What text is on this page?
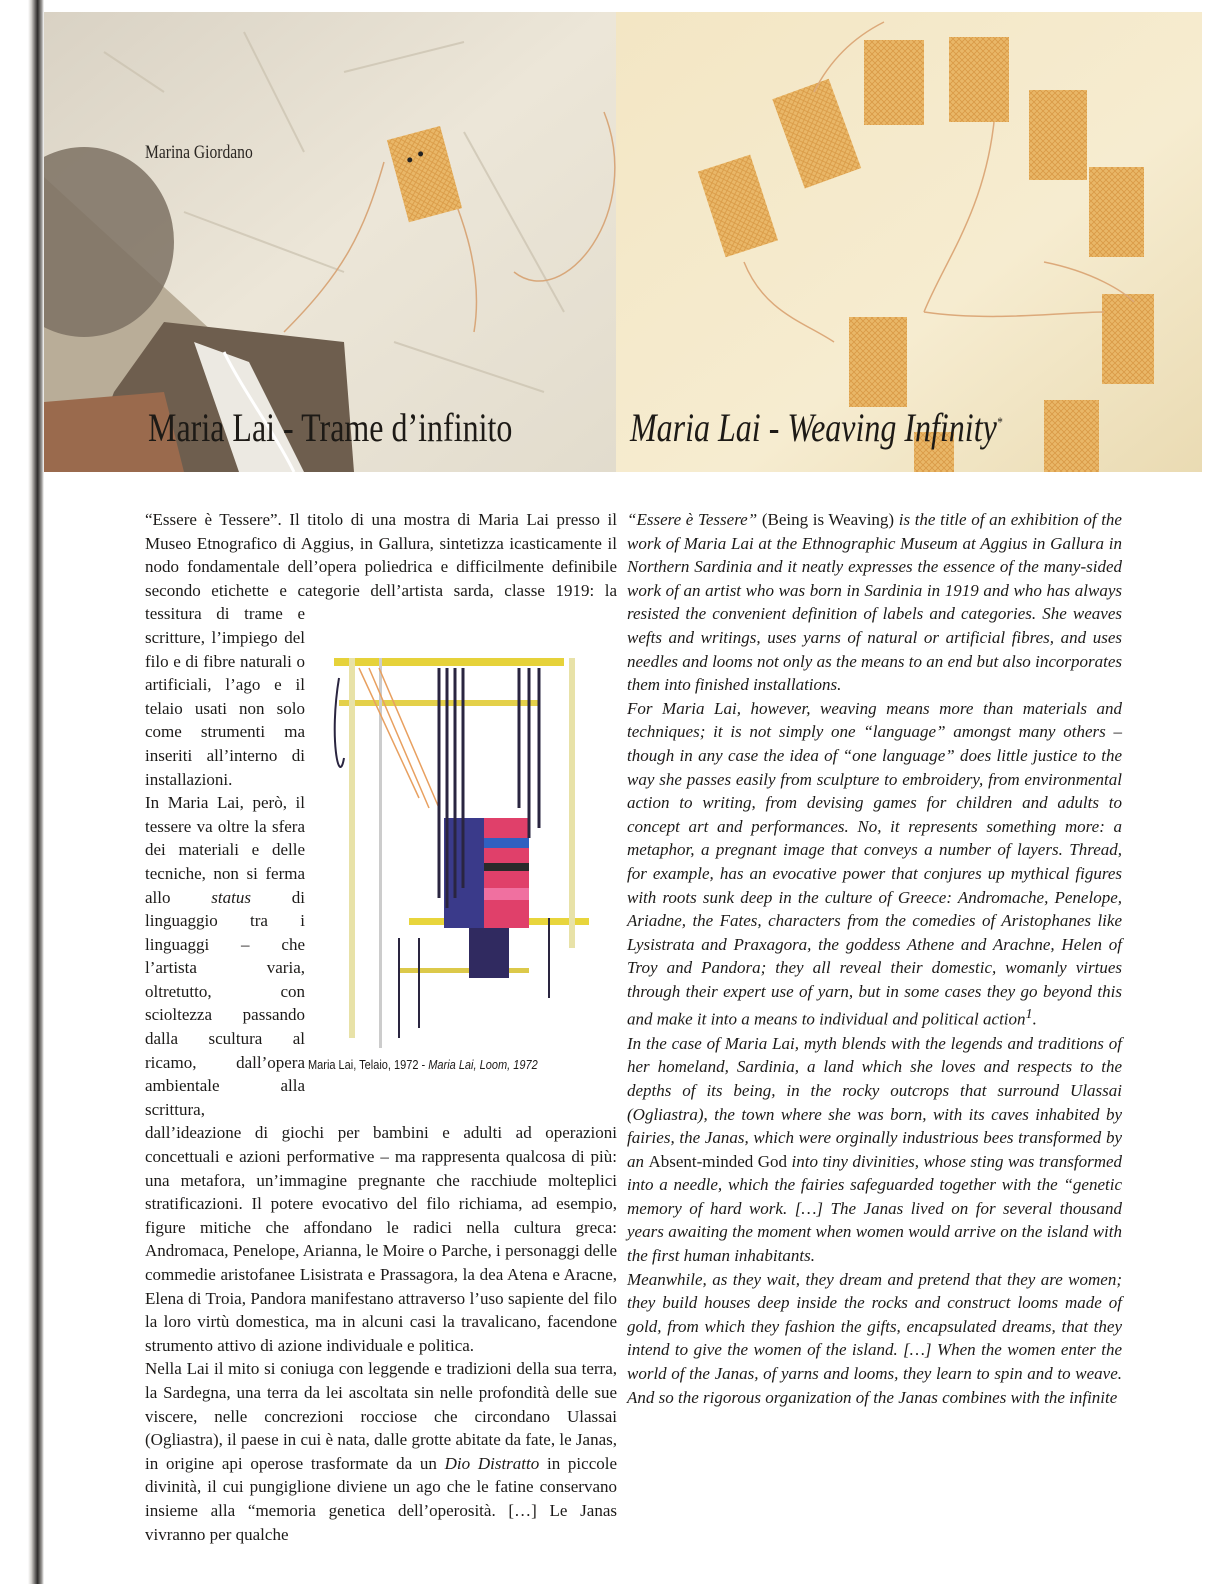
Marina Giordano
Maria Lai - Trame d’infinito	Maria Lai - Weaving Infinity*
Maria Lai, Telaio, 1972 - Maria Lai, Loom, 1972

“Essere è Tessere”. Il titolo di una mostra di Maria Lai presso il Museo Etnografico di Aggius, in Gallura, sintetizza icasticamente il nodo fondamentale dell’opera poliedrica e difficilmente definibile secondo etichette e categorie dell’artista sarda, classe 1919: la tessitura di trame e scritture, l’impiego del filo e di fibre naturali o artificiali, l’ago e il telaio usati non solo come strumenti ma inseriti all’interno di installazioni.

In Maria Lai, però, il tessere va oltre la sfera dei materiali e delle tecniche, non si ferma allo status di linguaggio tra i linguaggi – che l’artista varia, oltretutto, con scioltezza passando dalla scultura al ricamo, dall’opera ambientale alla scrittura, dall’ideazione di giochi per bambini e adulti ad operazioni concettuali e azioni performative – ma rappresenta qualcosa di più: una metafora, un’immagine pregnante che racchiude molteplici stratificazioni. Il potere evocativo del filo richiama, ad esempio, figure mitiche che affondano le radici nella cultura greca: Andromaca, Penelope, Arianna, le Moire o Parche, i personaggi delle commedie aristofanee Lisistrata e Prassagora, la dea Atena e Aracne, Elena di Troia, Pandora manifestano attraverso l’uso sapiente del filo la loro virtù domestica, ma in alcuni casi la travalicano, facendone strumento attivo di azione individuale e politica.

Nella Lai il mito si coniuga con leggende e tradizioni della sua terra, la Sardegna, una terra da lei ascoltata sin nelle profondità delle sue viscere, nelle concrezioni rocciose che circondano Ulassai (Ogliastra), il paese in cui è nata, dalle grotte abitate da fate, le Janas, in origine api operose trasformate da un Dio Distratto in piccole divinità, il cui pungiglione diviene un ago che le fatine conservano insieme alla “memoria genetica dell’operosità. […] Le Janas vivranno per qualche

“Essere è Tessere” (Being is Weaving) is the title of an exhibition of the work of Maria Lai at the Ethnographic Museum at Aggius in Gallura in Northern Sardinia and it neatly expresses the essence of the many-sided work of an artist who was born in Sardinia in 1919 and who has always resisted the convenient definition of labels and categories. She weaves wefts and writings, uses yarns of natural or artificial fibres, and uses needles and looms not only as the means to an end but also incorporates them into finished installations.

For Maria Lai, however, weaving means more than materials and techniques; it is not simply one “language” amongst many others – though in any case the idea of “one language” does little justice to the way she passes easily from sculpture to embroidery, from environmental action to writing, from devising games for children and adults to concept art and performances. No, it represents something more: a metaphor, a pregnant image that conveys a number of layers. Thread, for example, has an evocative power that conjures up mythical figures with roots sunk deep in the culture of Greece: Andromache, Penelope, Ariadne, the Fates, characters from the comedies of Aristophanes like Lysistrata and Praxagora, the goddess Athene and Arachne, Helen of Troy and Pandora; they all reveal their domestic, womanly virtues through their expert use of yarn, but in some cases they go beyond this and make it into a means to individual and political action$^1$.

In the case of Maria Lai, myth blends with the legends and traditions of her homeland, Sardinia, a land which she loves and respects to the depths of its being, in the rocky outcrops that surround Ulassai (Ogliastra), the town where she was born, with its caves inhabited by fairies, the Janas, which were orginally industrious bees transformed by an Absent-minded God into tiny divinities, whose sting was transformed into a needle, which the fairies safeguarded together with the “genetic memory of hard work. […] The Janas lived on for several thousand years awaiting the moment when women would arrive on the island with the first human inhabitants.

Meanwhile, as they wait, they dream and pretend that they are women; they build houses deep inside the rocks and construct looms made of gold, from which they fashion the gifts, encapsulated dreams, that they intend to give the women of the island. […] When the women enter the world of the Janas, of yarns and looms, they learn to spin and to weave. And so the rigorous organization of the Janas combines with the infinite
